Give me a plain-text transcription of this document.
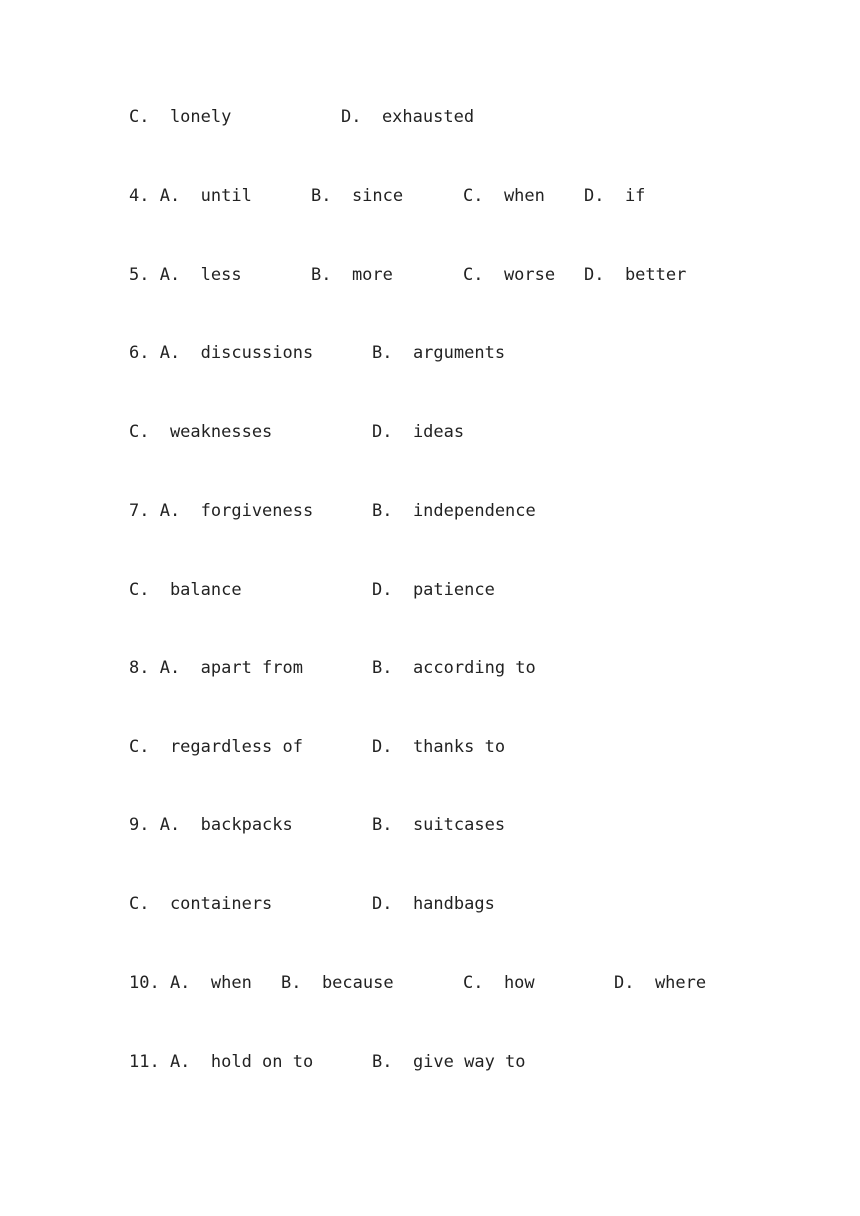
C.  lonely

	D.  exhausted

4. A.  until

	B.  since

	C.  when

D.  if

5. A.  less

	B.  more

	C.  worse

D.  better

6. A.  discussions

	B.  arguments

C.  weaknesses

	D.  ideas

7. A.  forgiveness

	B.  independence

C.  balance

	D.  patience

8. A.  apart from

	B.  according to

C.  regardless of

	D.  thanks to

9. A.  backpacks

	B.  suitcases

C.  containers

	D.  handbags

10. A.  when

B.  because

	C.  how

	D.  where

11. A.  hold on to

	B.  give way to
